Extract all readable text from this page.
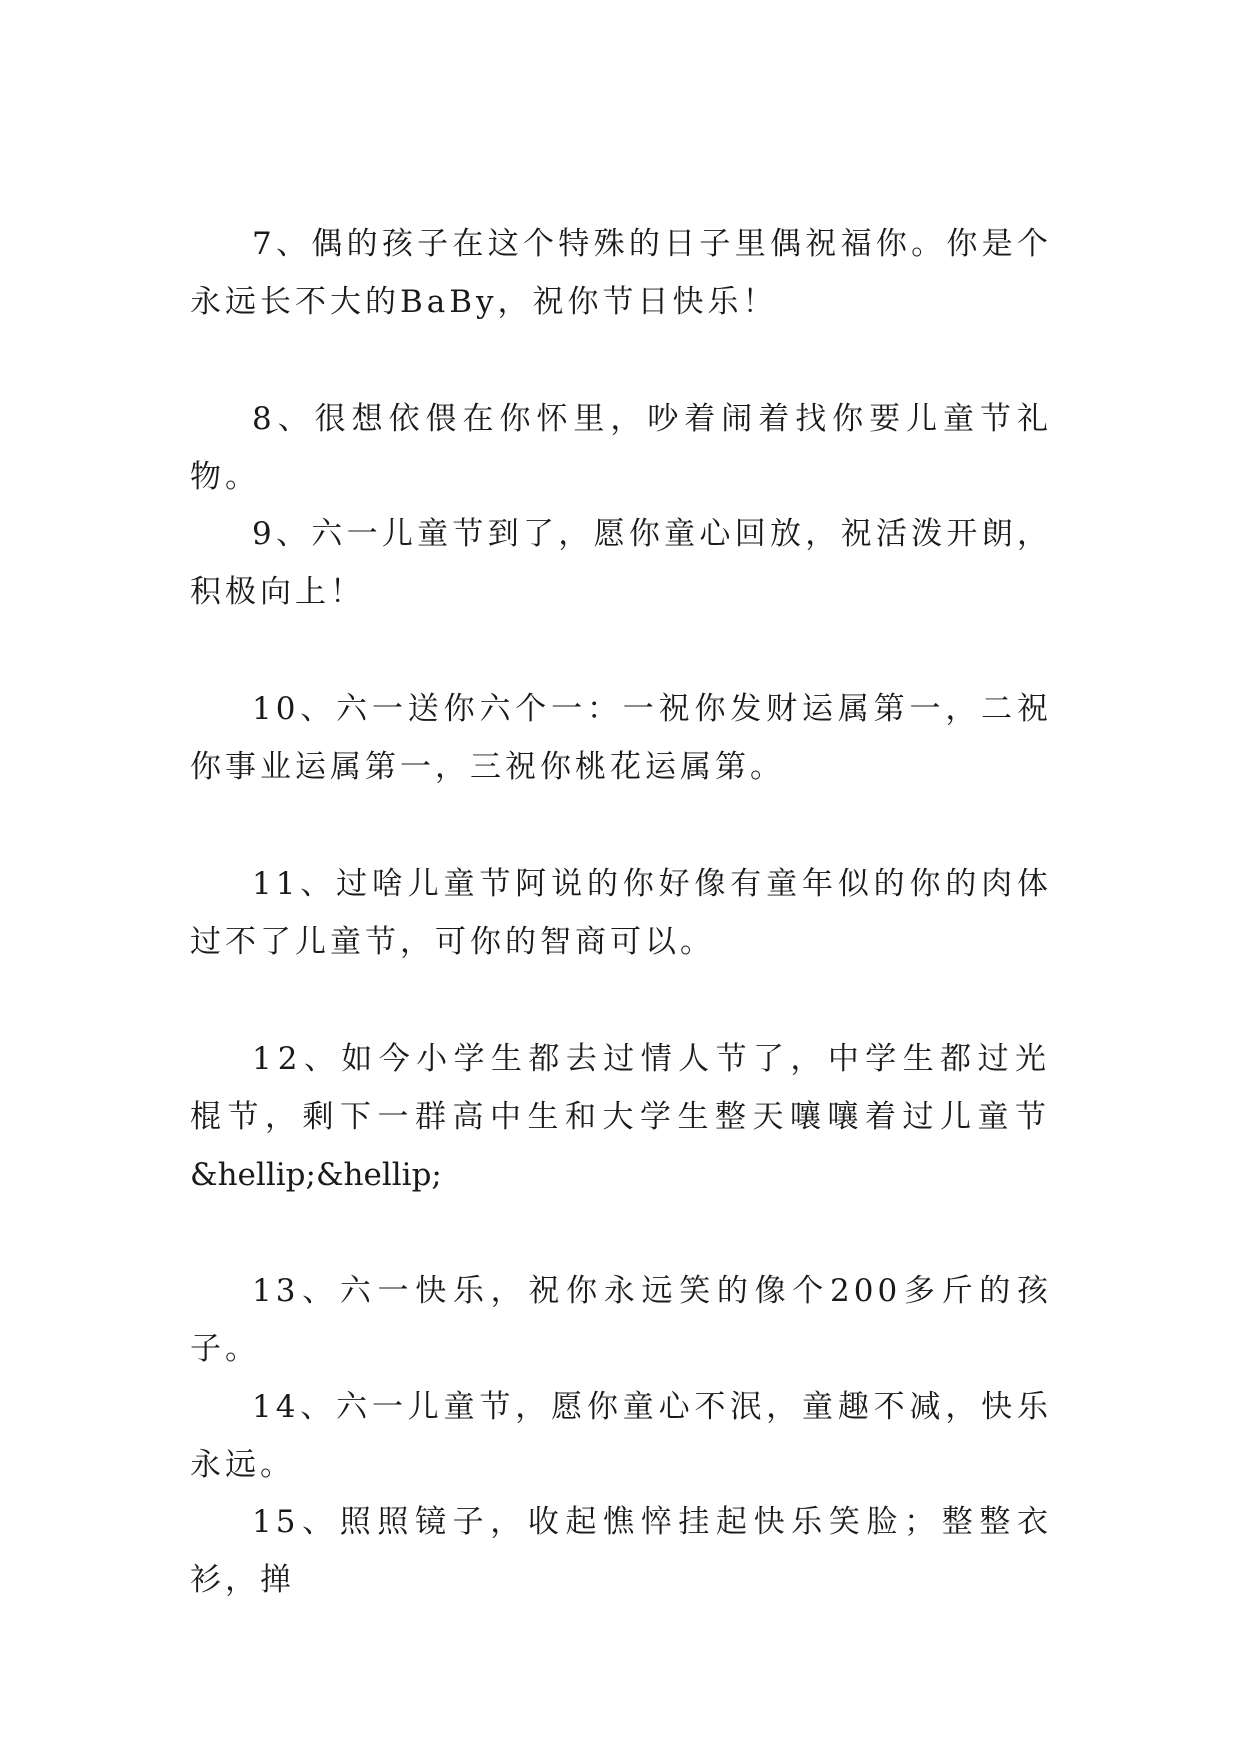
7、偶的孩子在这个特殊的日子里偶祝福你。你是个永远长不大的BaBy，祝你节日快乐！

8、很想依偎在你怀里，吵着闹着找你要儿童节礼物。

9、六一儿童节到了，愿你童心回放，祝活泼开朗，积极向上！

10、六一送你六个一：一祝你发财运属第一，二祝你事业运属第一，三祝你桃花运属第。

11、过啥儿童节阿说的你好像有童年似的你的肉体过不了儿童节，可你的智商可以。

12、如今小学生都去过情人节了，中学生都过光棍节，剩下一群高中生和大学生整天嚷嚷着过儿童节&hellip;&hellip;

13、六一快乐，祝你永远笑的像个200多斤的孩子。

14、六一儿童节，愿你童心不泯，童趣不减，快乐永远。

15、照照镜子，收起憔悴挂起快乐笑脸；整整衣衫，掸
